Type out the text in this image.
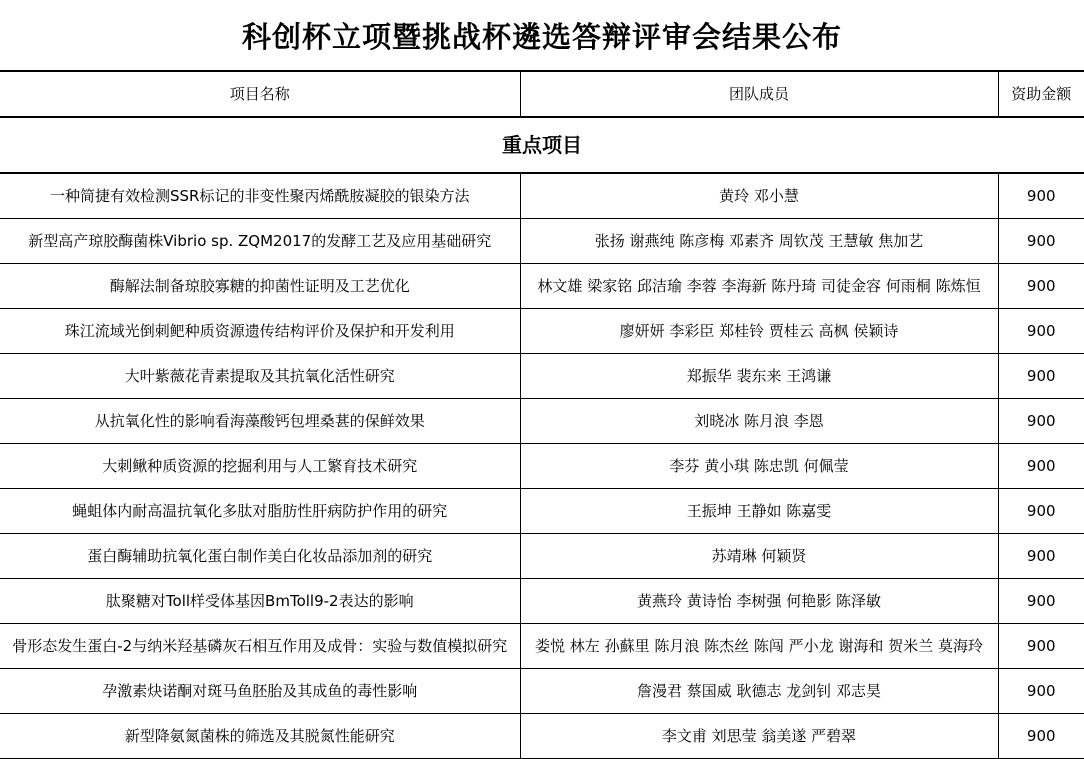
科创杯立项暨挑战杯遴选答辩评审会结果公布
项目名称	团队成员	资助金额
重点项目		
一种简捷有效检测SSR标记的非变性聚丙烯酰胺凝胶的银染方法	黄玲 邓小慧	900
新型高产琼胶酶菌株Vibrio sp. ZQM2017的发酵工艺及应用基础研究	张扬 谢燕纯 陈彦梅 邓素齐 周钦茂 王慧敏 焦加艺	900
酶解法制备琼胶寡糖的抑菌性证明及工艺优化	林文雄 梁家铭 邱洁瑜 李蓉 李海新 陈丹琦 司徒金容 何雨桐 陈炼恒	900
珠江流域光倒刺鲃种质资源遗传结构评价及保护和开发利用	廖妍妍 李彩臣 郑桂铃 贾桂云 高枫 侯颖诗	900
大叶紫薇花青素提取及其抗氧化活性研究	郑振华 裴东来 王鸿谦	900
从抗氧化性的影响看海藻酸钙包埋桑葚的保鲜效果	刘晓冰 陈月浪 李恩	900
大刺鳅种质资源的挖掘利用与人工繁育技术研究	李芬 黄小琪 陈忠凯 何佩莹	900
蝇蛆体内耐高温抗氧化多肽对脂肪性肝病防护作用的研究	王振坤 王静如 陈嘉雯	900
蛋白酶辅助抗氧化蛋白制作美白化妆品添加剂的研究	苏靖琳 何颖贤	900
肽聚糖对Toll样受体基因BmToll9-2表达的影响	黄燕玲 黄诗怡 李树强 何艳影 陈泽敏	900
骨形态发生蛋白-2与纳米羟基磷灰石相互作用及成骨：实验与数值模拟研究	娄悦 林左 孙蘇里 陈月浪 陈杰丝 陈闯 严小龙 谢海和 贺米兰 莫海玲	900
孕激素炔诺酮对斑马鱼胚胎及其成鱼的毒性影响	詹漫君 蔡国威 耿德志 龙剑钊 邓志昊	900
新型降氨氮菌株的筛选及其脱氮性能研究	李文甫 刘思莹 翁美遂 严碧翠	900
